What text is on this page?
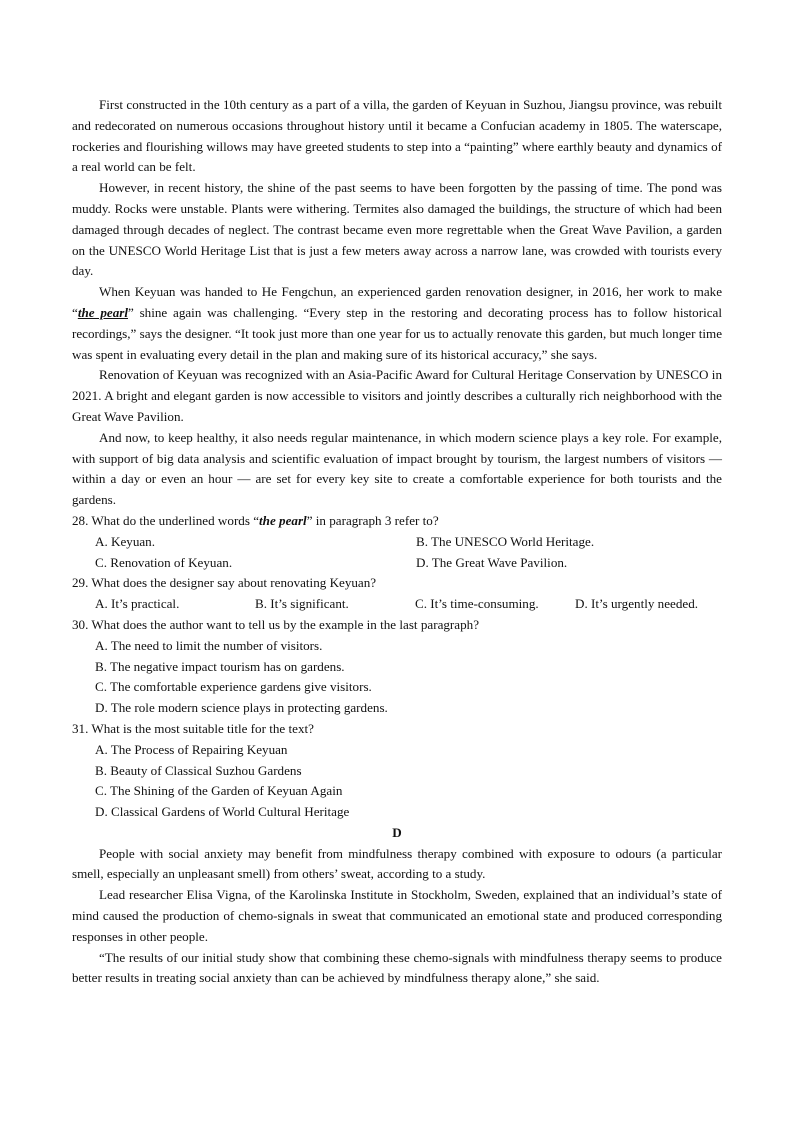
First constructed in the 10th century as a part of a villa, the garden of Keyuan in Suzhou, Jiangsu province, was rebuilt and redecorated on numerous occasions throughout history until it became a Confucian academy in 1805. The waterscape, rockeries and flourishing willows may have greeted students to step into a “painting” where earthly beauty and dynamics of a real world can be felt.

However, in recent history, the shine of the past seems to have been forgotten by the passing of time. The pond was muddy. Rocks were unstable. Plants were withering. Termites also damaged the buildings, the structure of which had been damaged through decades of neglect. The contrast became even more regrettable when the Great Wave Pavilion, a garden on the UNESCO World Heritage List that is just a few meters away across a narrow lane, was crowded with tourists every day.

When Keyuan was handed to He Fengchun, an experienced garden renovation designer, in 2016, her work to make “the pearl” shine again was challenging. “Every step in the restoring and decorating process has to follow historical recordings,” says the designer. “It took just more than one year for us to actually renovate this garden, but much longer time was spent in evaluating every detail in the plan and making sure of its historical accuracy,” she says.

Renovation of Keyuan was recognized with an Asia-Pacific Award for Cultural Heritage Conservation by UNESCO in 2021. A bright and elegant garden is now accessible to visitors and jointly describes a culturally rich neighborhood with the Great Wave Pavilion.

And now, to keep healthy, it also needs regular maintenance, in which modern science plays a key role. For example, with support of big data analysis and scientific evaluation of impact brought by tourism, the largest numbers of visitors — within a day or even an hour — are set for every key site to create a comfortable experience for both tourists and the gardens.

28. What do the underlined words “the pearl” in paragraph 3 refer to?

A. Keyuan.	B. The UNESCO World Heritage.
C. Renovation of Keyuan.	D. The Great Wave Pavilion.

29. What does the designer say about renovating Keyuan?

A. It’s practical.	B. It’s significant.	C. It’s time-consuming.	D. It’s urgently needed.

30. What does the author want to tell us by the example in the last paragraph?

A. The need to limit the number of visitors.

B. The negative impact tourism has on gardens.

C. The comfortable experience gardens give visitors.

D. The role modern science plays in protecting gardens.

31. What is the most suitable title for the text?

A. The Process of Repairing Keyuan

B. Beauty of Classical Suzhou Gardens

C. The Shining of the Garden of Keyuan Again

D. Classical Gardens of World Cultural Heritage

D

People with social anxiety may benefit from mindfulness therapy combined with exposure to odours (a particular smell, especially an unpleasant smell) from others’ sweat, according to a study.

Lead researcher Elisa Vigna, of the Karolinska Institute in Stockholm, Sweden, explained that an individual’s state of mind caused the production of chemo-signals in sweat that communicated an emotional state and produced corresponding responses in other people.

“The results of our initial study show that combining these chemo-signals with mindfulness therapy seems to produce better results in treating social anxiety than can be achieved by mindfulness therapy alone,” she said.
